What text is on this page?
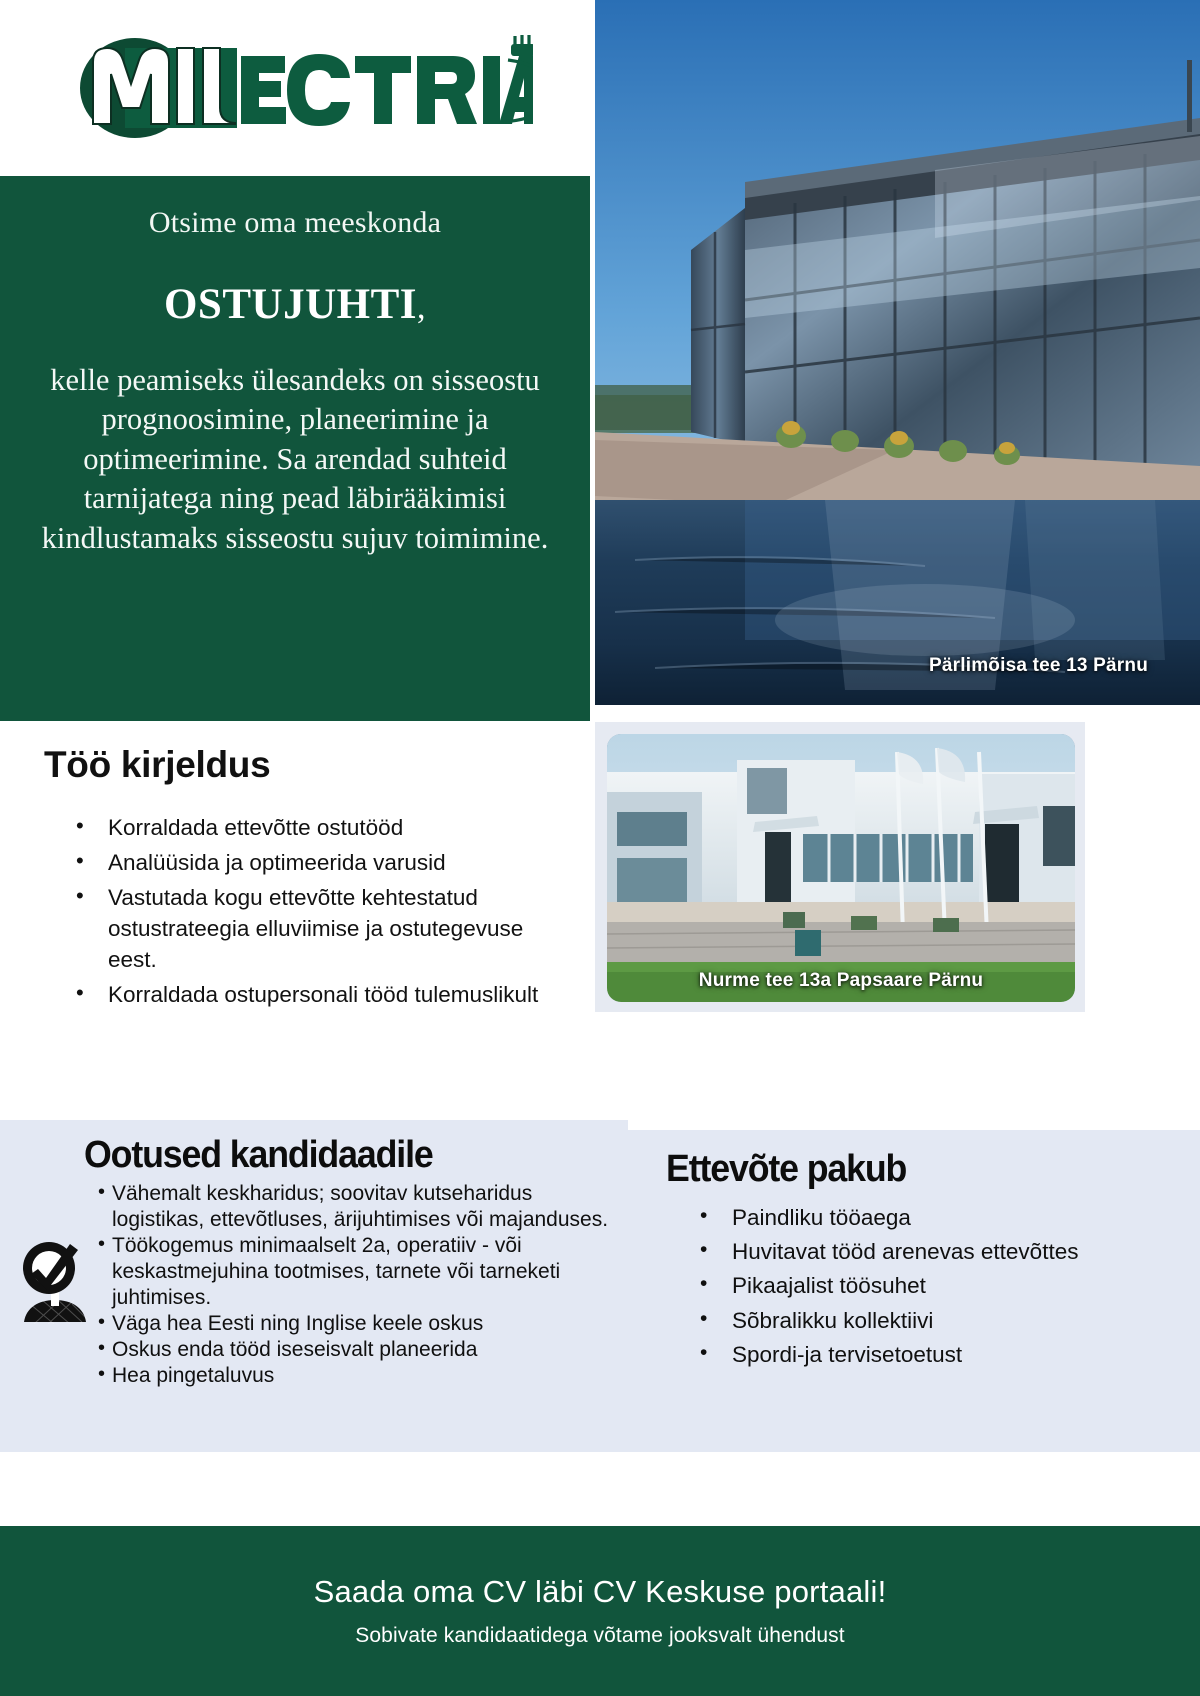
Otsime oma meeskonda
OSTUJUHTI,
kelle peamiseks ülesandeks on sisseostu prognoosimine, planeerimine ja optimeerimine. Sa arendad suhteid tarnijatega ning pead läbirääkimisi kindlustamaks sisseostu sujuv toimimine.
Pärlimõisa tee 13 Pärnu
Töö kirjeldus
• Korraldada ettevõtte ostutööd
• Analüüsida ja optimeerida varusid
• Vastutada kogu ettevõtte kehtestatud ostustrateegia elluviimise ja ostutegevuse eest.
• Korraldada ostupersonali tööd tulemuslikult
Nurme tee 13a Papsaare Pärnu
Ootused kandidaadile
• Vähemalt keskharidus; soovitav kutseharidus logistikas, ettevõtluses, ärijuhtimises või majanduses.
• Töökogemus minimaalselt 2a, operatiiv - või keskastmejuhina tootmises, tarnete või tarneketi juhtimises.
• Väga hea Eesti ning Inglise keele oskus
• Oskus enda tööd iseseisvalt planeerida
• Hea pingetaluvus
Ettevõte pakub
• Paindliku tööaega
• Huvitavat tööd arenevas ettevõttes
• Pikaajalist töösuhet
• Sõbralikku kollektiivi
• Spordi-ja tervisetoetust
Saada oma CV läbi CV Keskuse portaali!
Sobivate kandidaatidega võtame jooksvalt ühendust
